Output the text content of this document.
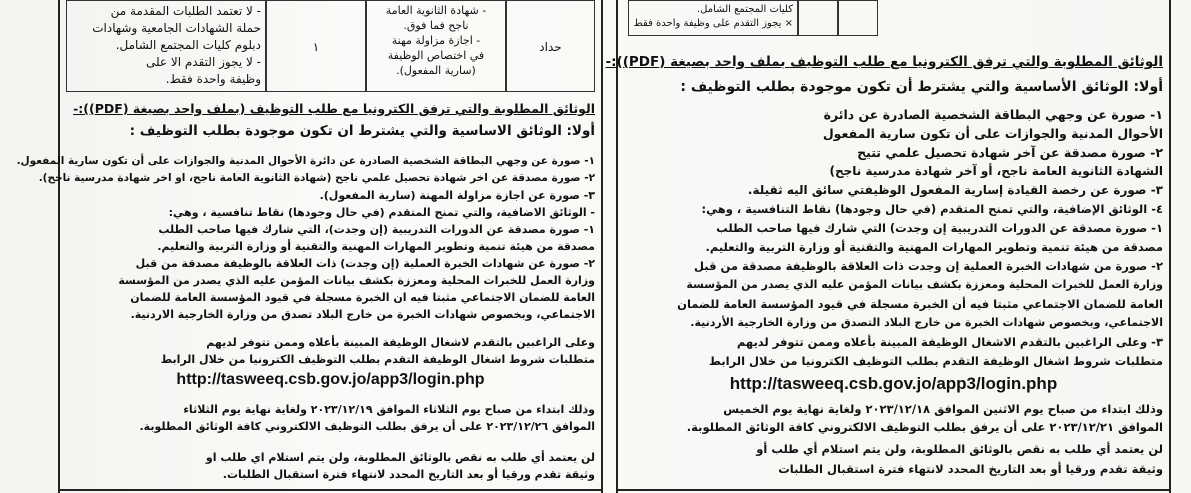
- لا تعتمد الطلبات المقدمة من
حملة الشهادات الجامعية وشهادات
دبلوم كليات المجتمع الشامل.
- لا يجوز التقدم الا على
وظيفة واحدة فقط.
١
- شهادة الثانوية العامة
ناجح فما فوق.
- اجازة مزاولة مهنة
في اختصاص الوظيفة
(سارية المفعول).
حداد
الوثائق المطلوبة والتي ترفق الكترونيا مع طلب التوظيف (بملف واحد بصيغة (PDF)):-
أولا: الوثائق الاساسية والتي يشترط ان تكون موجودة بطلب التوظيف :
١- صورة عن وجهي البطاقة الشخصية الصادرة عن دائرة الأحوال المدنية والجوازات على أن تكون سارية المفعول.
٢- صورة مصدقة عن اخر شهادة تحصيل علمي ناجح (شهادة الثانوية العامة ناجح، او اخر شهادة مدرسية ناجح).
٣- صورة عن اجازة مزاولة المهنة (سارية المفعول).
- الوثائق الاضافية، والتي تمنح المتقدم (في حال وجودها) نقاط تنافسية ، وهي:
١- صورة مصدقة عن الدورات التدريبية (إن وجدت)، التي شارك فيها صاحب الطلب
مصدقة من هيئة تنمية وتطوير المهارات المهنية والتقنية أو وزارة التربية والتعليم.
٢- صورة عن شهادات الخبرة العملية (إن وجدت) ذات العلاقة بالوظيفة مصدقة من قبل
وزارة العمل للخبرات المحلية ومعززة بكشف بيانات المؤمن عليه الذي يصدر من المؤسسة
العامة للضمان الاجتماعي مثبتا فيه ان الخبرة مسجلة في قيود المؤسسة العامة للضمان
الاجتماعي، وبخصوص شهادات الخبرة من خارج البلاد تصدق من وزارة الخارجية الاردنية.
وعلى الراغبين بالتقدم لاشغال الوظيفة المبينة بأعلاه وممن تتوفر لديهم
متطلبات شروط اشغال الوظيفة التقدم بطلب التوظيف الكترونيا من خلال الرابط
http://tasweeq.csb.gov.jo/app3/login.php
وذلك ابتداء من صباح يوم الثلاثاء الموافق ٢٠٢٣/١٢/١٩ ولغاية نهاية يوم الثلاثاء
الموافق ٢٠٢٣/١٢/٢٦ على أن يرفق بطلب التوظيف الالكتروني كافة الوثائق المطلوبة.
لن يعتمد أي طلب به نقص بالوثائق المطلوبة، ولن يتم استلام اي طلب او
وثيقة تقدم ورقيا أو بعد التاريخ المحدد لانتهاء فترة استقبال الطلبات.
كليات المجتمع الشامل.
× يجوز التقدم على وظيفة واحدة فقط
الوثائق المطلوبة والتي ترفق الكترونيا مع طلب التوظيف بملف واحد بصيغة (PDF)):-
أولا: الوثائق الأساسية والتي يشترط أن تكون موجودة بطلب التوظيف :
١- صورة عن وجهي البطاقة الشخصية الصادرة عن دائرة
الأحوال المدنية والجوازات على أن تكون سارية المفعول
٢- صورة مصدقة عن آخر شهادة تحصيل علمي تتيح
الشهادة الثانوية العامة ناجح، أو آخر شهادة مدرسية ناجح)
٣- صورة عن رخصة القيادة إسارية المفعول الوظيفتي سائق اليه ثقيلة.
٤- الوثائق الإضافية، والتي تمنح المتقدم (في حال وجودها) نقاط التنافسية ، وهي:
١- صورة مصدقة عن الدورات التدريبية إن وجدت) التي شارك فيها صاحب الطلب
مصدقة من هيئة تنمية وتطوير المهارات المهنية والتقنية أو وزارة التربية والتعليم.
٢- صورة من شهادات الخبرة العملية إن وجدت ذات العلاقة بالوظيفة مصدقة من قبل
وزارة العمل للخبرات المحلية ومعززة بكشف بيانات المؤمن عليه الذي يصدر من المؤسسة
العامة للضمان الاجتماعي مثبتا فيه أن الخبرة مسجلة في قيود المؤسسة العامة للضمان
الاجتماعي، وبخصوص شهادات الخبرة من خارج البلاد التصدق من وزارة الخارجية الأردنية.
٣- وعلى الراغبين بالتقدم الاشغال الوظيفة المبينة بأعلاه وممن تتوفر لديهم
متطلبات شروط اشغال الوظيفة التقدم بطلب التوظيف الكترونيا من خلال الرابط
http://tasweeq.csb.gov.jo/app3/login.php
وذلك ابتداء من صباح يوم الاثنين الموافق ٢٠٢٣/١٢/١٨ ولغاية نهاية يوم الخميس
الموافق ٢٠٢٣/١٢/٢١ على أن يرفق بطلب التوظيف الالكتروني كافة الوثائق المطلوبة.
لن يعتمد أي طلب به نقص بالوثائق المطلوبة، ولن يتم استلام أي طلب أو
وثيقة تقدم ورقيا أو بعد التاريخ المحدد لانتهاء فترة استقبال الطلبات
